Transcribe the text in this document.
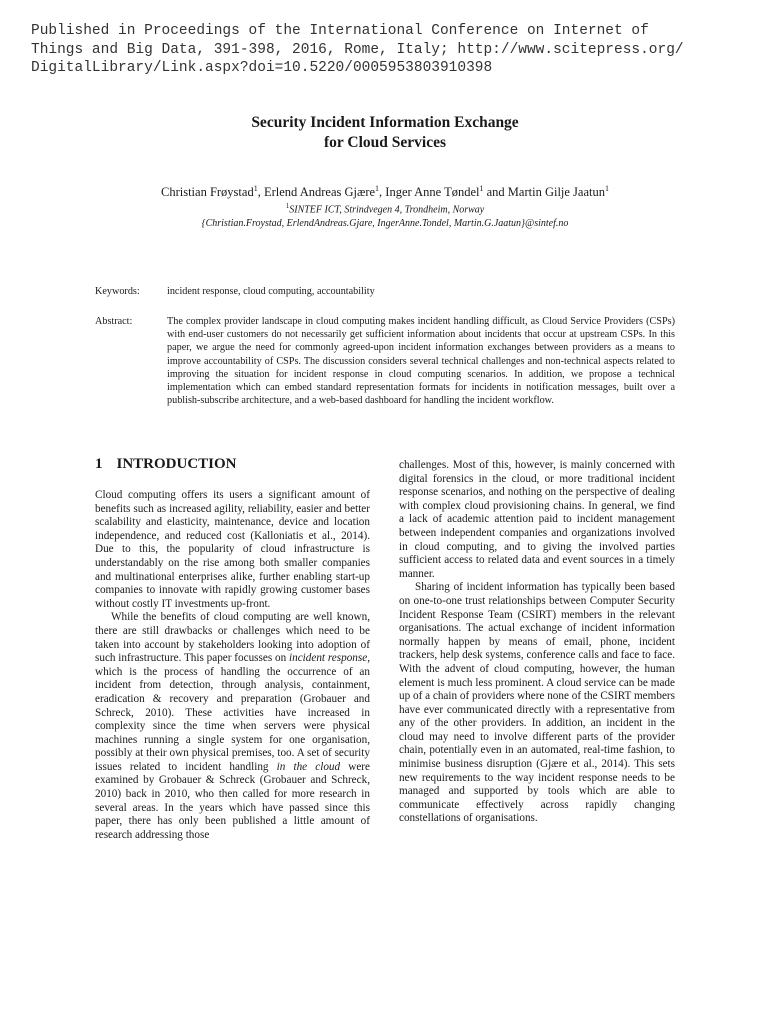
Published in Proceedings of the International Conference on Internet of
Things and Big Data, 391-398, 2016, Rome, Italy; http://www.scitepress.org/
DigitalLibrary/Link.aspx?doi=10.5220/0005953803910398

Security Incident Information Exchange
for Cloud Services
Christian Frøystad$^1$, Erlend Andreas Gjære$^1$, Inger Anne Tøndel$^1$ and Martin Gilje Jaatun$^1$
$^1$SINTEF ICT, Strindvegen 4, Trondheim, Norway
{Christian.Froystad, ErlendAndreas.Gjare, IngerAnne.Tondel, Martin.G.Jaatun}@sintef.no
Keywords:	incident response, cloud computing, accountability
Abstract:	The complex provider landscape in cloud computing makes incident handling difficult, as Cloud Service Providers (CSPs) with end-user customers do not necessarily get sufficient information about incidents that occur at upstream CSPs. In this paper, we argue the need for commonly agreed-upon incident information exchanges between providers as a means to improve accountability of CSPs. The discussion considers several technical challenges and non-technical aspects related to improving the situation for incident response in cloud computing scenarios. In addition, we propose a technical implementation which can embed standard representation formats for incidents in notification messages, built over a publish-subscribe architecture, and a web-based dashboard for handling the incident workflow.
1 INTRODUCTION

Cloud computing offers its users a significant amount of benefits such as increased agility, reliability, easier and better scalability and elasticity, maintenance, device and location independence, and reduced cost (Kalloniatis et al., 2014). Due to this, the popularity of cloud infrastructure is understandably on the rise among both smaller companies and multinational enterprises alike, further enabling start-up companies to innovate with rapidly growing customer bases without costly IT investments up-front.

While the benefits of cloud computing are well known, there are still drawbacks or challenges which need to be taken into account by stakeholders looking into adoption of such infrastructure. This paper focusses on incident response, which is the process of handling the occurrence of an incident from detection, through analysis, containment, eradication & recovery and preparation (Grobauer and Schreck, 2010). These activities have increased in complexity since the time when servers were physical machines running a single system for one organisation, possibly at their own physical premises, too. A set of security issues related to incident handling in the cloud were examined by Grobauer & Schreck (Grobauer and Schreck, 2010) back in 2010, who then called for more research in several areas. In the years which have passed since this paper, there has only been published a little amount of research addressing those

challenges. Most of this, however, is mainly concerned with digital forensics in the cloud, or more traditional incident response scenarios, and nothing on the perspective of dealing with complex cloud provisioning chains. In general, we find a lack of academic attention paid to incident management between independent companies and organizations involved in cloud computing, and to giving the involved parties sufficient access to related data and event sources in a timely manner.

Sharing of incident information has typically been based on one-to-one trust relationships between Computer Security Incident Response Team (CSIRT) members in the relevant organisations. The actual exchange of incident information normally happen by means of email, phone, incident trackers, help desk systems, conference calls and face to face. With the advent of cloud computing, however, the human element is much less prominent. A cloud service can be made up of a chain of providers where none of the CSIRT members have ever communicated directly with a representative from any of the other providers. In addition, an incident in the cloud may need to involve different parts of the provider chain, potentially even in an automated, real-time fashion, to minimise business disruption (Gjære et al., 2014). This sets new requirements to the way incident response needs to be managed and supported by tools which are able to communicate effectively across rapidly changing constellations of organisations.
